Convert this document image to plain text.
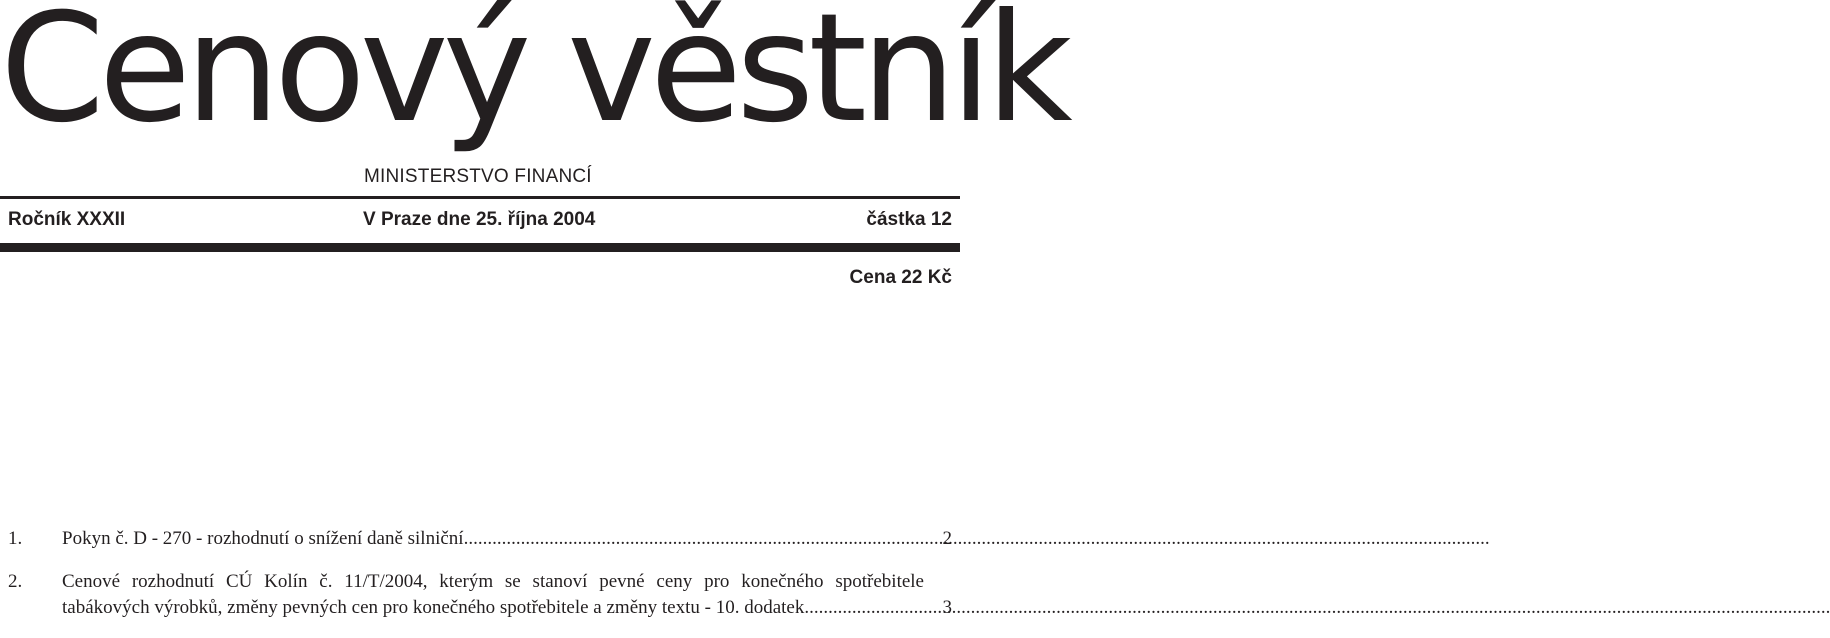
Cenový věstník
MINISTERSTVO FINANCÍ
Ročník XXXII	V Praze dne 25. října 2004	částka 12
Cena 22 Kč
1. Pokyn č. D - 270 - rozhodnutí o snížení daně silniční .....	2
2. Cenové rozhodnutí CÚ Kolín č. 11/T/2004, kterým se stanoví pevné ceny pro konečného spotřebitele
tabákových výrobků, změny pevných cen pro konečného spotřebitele a změny textu - 10. dodatek .....	3
